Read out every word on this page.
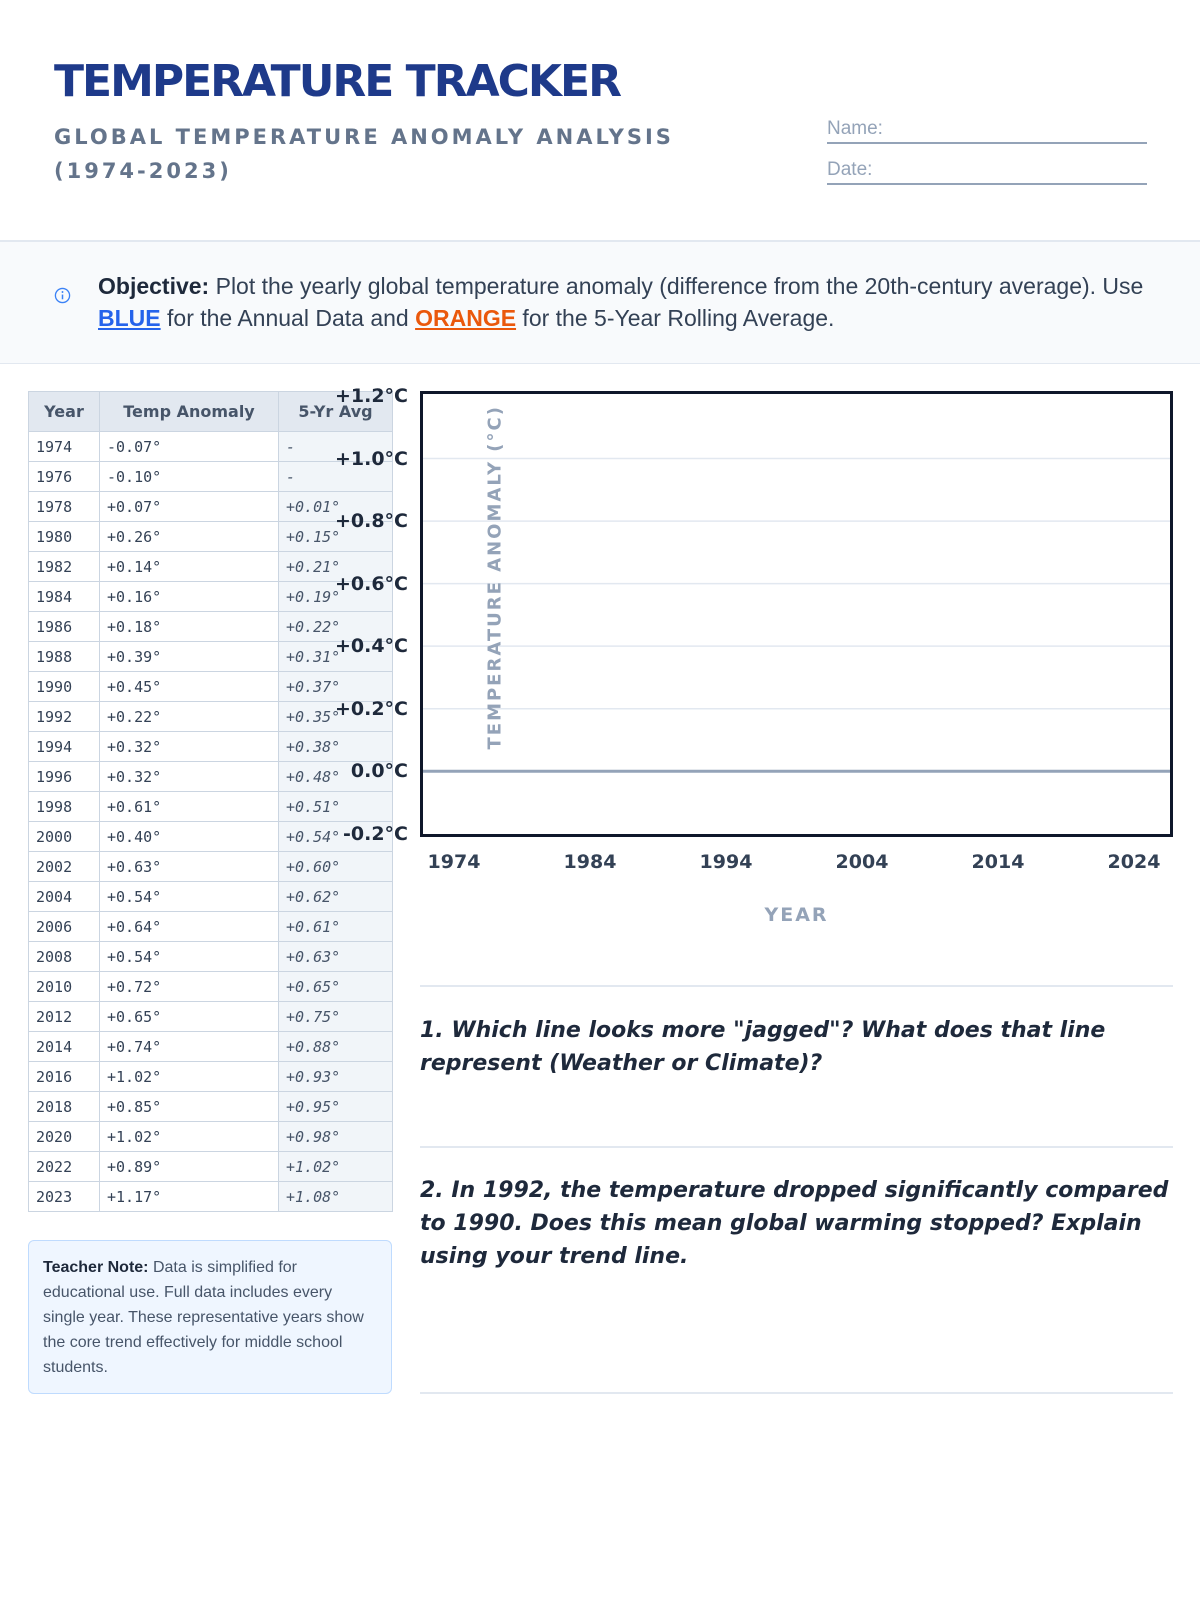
TEMPERATURE TRACKER
GLOBAL TEMPERATURE ANOMALY ANALYSIS (1974-2023)
Name:
Date:
Objective: Plot the yearly global temperature anomaly (difference from the 20th-century average). Use BLUE for the Annual Data and ORANGE for the 5-Year Rolling Average.
Year	Temp Anomaly	5-Yr Avg
1974	-0.07°	-
1976	-0.10°	-
1978	+0.07°	+0.01°
1980	+0.26°	+0.15°
1982	+0.14°	+0.21°
1984	+0.16°	+0.19°
1986	+0.18°	+0.22°
1988	+0.39°	+0.31°
1990	+0.45°	+0.37°
1992	+0.22°	+0.35°
1994	+0.32°	+0.38°
1996	+0.32°	+0.48°
1998	+0.61°	+0.51°
2000	+0.40°	+0.54°
2002	+0.63°	+0.60°
2004	+0.54°	+0.62°
2006	+0.64°	+0.61°
2008	+0.54°	+0.63°
2010	+0.72°	+0.65°
2012	+0.65°	+0.75°
2014	+0.74°	+0.88°
2016	+1.02°	+0.93°
2018	+0.85°	+0.95°
2020	+1.02°	+0.98°
2022	+0.89°	+1.02°
2023	+1.17°	+1.08°
Teacher Note: Data is simplified for educational use. Full data includes every single year. These representative years show the core trend effectively for middle school students.
TEMPERATURE ANOMALY (°C)
+1.2°C
+1.0°C
+0.8°C
+0.6°C
+0.4°C
+0.2°C
0.0°C
-0.2°C
1974	1984	1994	2004	2014	2024
YEAR
1. Which line looks more "jagged"? What does that line represent (Weather or Climate)?
2. In 1992, the temperature dropped significantly compared to 1990. Does this mean global warming stopped? Explain using your trend line.
